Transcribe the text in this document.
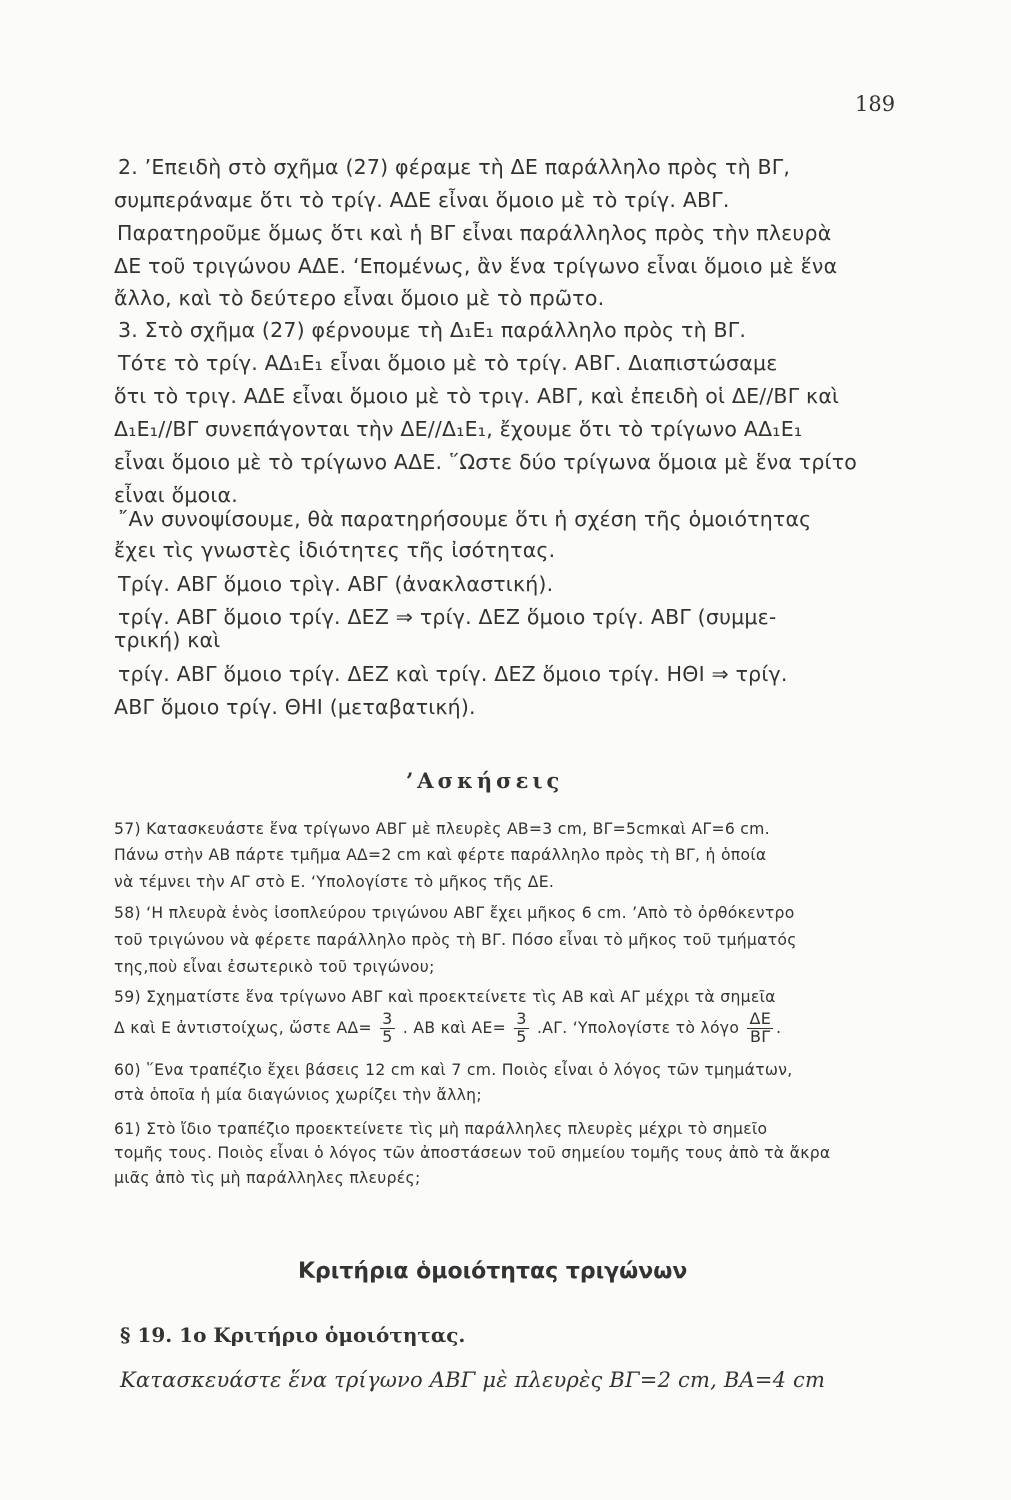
189
2. ’Επειδὴ στὸ σχῆμα (27) φέραμε τὴ ΔΕ παράλληλο πρὸς τὴ ΒΓ,
συμπεράναμε ὅτι τὸ τρίγ. ΑΔΕ εἶναι ὅμοιο μὲ τὸ τρίγ. ΑΒΓ.
Παρατηροῦμε ὅμως ὅτι καὶ ἡ ΒΓ εἶναι παράλληλος πρὸς τὴν πλευρὰ
ΔΕ τοῦ τριγώνου ΑΔΕ. ‘Επομένως, ἂν ἕνα τρίγωνο εἶναι ὅμοιο μὲ ἕνα
ἄλλο, καὶ τὸ δεύτερο εἶναι ὅμοιο μὲ τὸ πρῶτο.
3. Στὸ σχῆμα (27) φέρνουμε τὴ Δ₁Ε₁ παράλληλο πρὸς τὴ ΒΓ.
Τότε τὸ τρίγ. ΑΔ₁Ε₁ εἶναι ὅμοιο μὲ τὸ τρίγ. ΑΒΓ. Διαπιστώσαμε
ὅτι τὸ τριγ. ΑΔΕ εἶναι ὅμοιο μὲ τὸ τριγ. ΑΒΓ, καὶ ἐπειδὴ οἱ ΔΕ//ΒΓ καὶ
Δ₁Ε₁//ΒΓ συνεπάγονται τὴν ΔΕ//Δ₁Ε₁, ἔχουμε ὅτι τὸ τρίγωνο ΑΔ₁Ε₁
εἶναι ὅμοιο μὲ τὸ τρίγωνο ΑΔΕ. ῞Ωστε δύο τρίγωνα ὅμοια μὲ ἕνα τρίτο
εἶναι ὅμοια.
῎Αν συνοψίσουμε, θὰ παρατηρήσουμε ὅτι ἡ σχέση τῆς ὁμοιότητας
ἔχει τὶς γνωστὲς ἰδιότητες τῆς ἰσότητας.
Τρίγ. ΑΒΓ ὅμοιο τρὶγ. ΑΒΓ (ἀνακλαστική).
τρίγ. ΑΒΓ ὅμοιο τρίγ. ΔΕΖ ⇒ τρίγ. ΔΕΖ ὅμοιο τρίγ. ΑΒΓ (συμμε-
τρική) καὶ
τρίγ. ΑΒΓ ὅμοιο τρίγ. ΔΕΖ καὶ τρίγ. ΔΕΖ ὅμοιο τρίγ. ΗΘΙ ⇒ τρίγ.
ΑΒΓ ὅμοιο τρίγ. ΘΗΙ (μεταβατική).
’Ασκήσεις
57) Κατασκευάστε ἕνα τρίγωνο ΑΒΓ μὲ πλευρὲς ΑΒ=3 cm, ΒΓ=5cmκαὶ ΑΓ=6 cm.
Πάνω στὴν ΑΒ πάρτε τμῆμα ΑΔ=2 cm καὶ φέρτε παράλληλο πρὸς τὴ ΒΓ, ἡ ὁποία
νὰ τέμνει τὴν ΑΓ στὸ Ε. ‘Υπολογίστε τὸ μῆκος τῆς ΔΕ.
58) ‘Η πλευρὰ ἑνὸς ἰσοπλεύρου τριγώνου ΑΒΓ ἔχει μῆκος 6 cm. ’Απὸ τὸ ὀρθόκεντρο
τοῦ τριγώνου νὰ φέρετε παράλληλο πρὸς τὴ ΒΓ. Πόσο εἶναι τὸ μῆκος τοῦ τμήματός
της,ποὺ εἶναι ἐσωτερικὸ τοῦ τριγώνου;
59) Σχηματίστε ἕνα τρίγωνο ΑΒΓ καὶ προεκτείνετε τὶς ΑΒ καὶ ΑΓ μέχρι τὰ σημεῖα
Δ καὶ Ε ἀντιστοίχως, ὥστε $A\Delta= \frac{3}{5}$ . ΑΒ καὶ $AE= \frac{3}{5} .A\Gamma$. ‘Υπολογίστε τὸ λόγο $\frac{\Delta E}{B\Gamma}$ .
60) ῞Ενα τραπέζιο ἔχει βάσεις 12 cm καὶ 7 cm. Ποιὸς εἶναι ὁ λόγος τῶν τμημάτων,
στὰ ὁποῖα ἡ μία διαγώνιος χωρίζει τὴν ἄλλη;
61) Στὸ ἴδιο τραπέζιο προεκτείνετε τὶς μὴ παράλληλες πλευρὲς μέχρι τὸ σημεῖο
τομῆς τους. Ποιὸς εἶναι ὁ λόγος τῶν ἀποστάσεων τοῦ σημείου τομῆς τους ἀπὸ τὰ ἄκρα
μιᾶς ἀπὸ τὶς μὴ παράλληλες πλευρές;
Κριτήρια ὁμοιότητας τριγώνων
§ 19. 1ο Κριτήριο ὁμοιότητας.
Κατασκευάστε ἕνα τρίγωνο ΑΒΓ μὲ πλευρὲς ΒΓ=2 cm, ΒΑ=4 cm
